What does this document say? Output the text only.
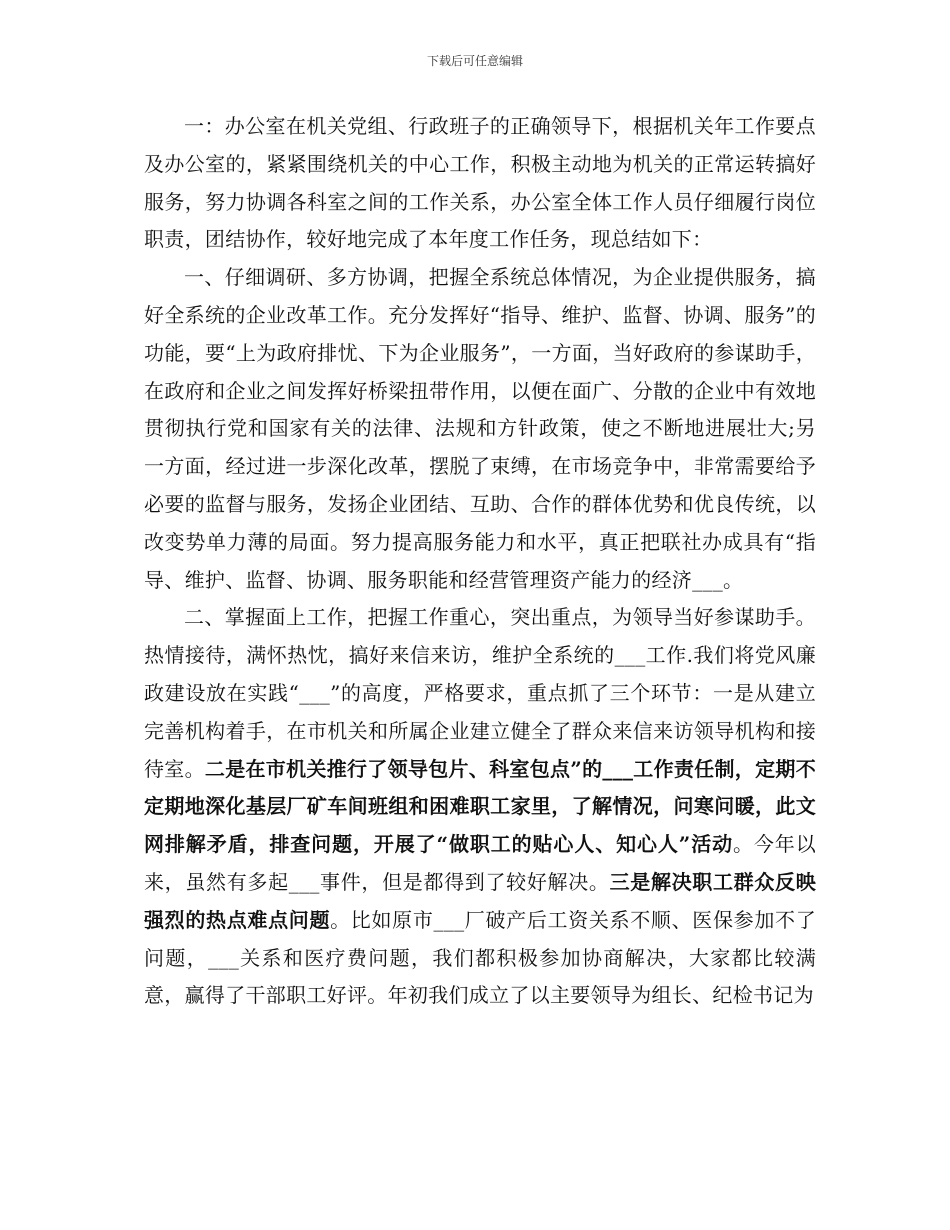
下载后可任意编辑

一：办公室在机关党组、行政班子的正确领导下，根据机关年工作要点及办公室的，紧紧围绕机关的中心工作，积极主动地为机关的正常运转搞好服务，努力协调各科室之间的工作关系，办公室全体工作人员仔细履行岗位职责，团结协作，较好地完成了本年度工作任务，现总结如下：

一、仔细调研、多方协调，把握全系统总体情况，为企业提供服务，搞好全系统的企业改革工作。充分发挥好“指导、维护、监督、协调、服务”的功能，要“上为政府排忧、下为企业服务”，一方面，当好政府的参谋助手，在政府和企业之间发挥好桥梁扭带作用，以便在面广、分散的企业中有效地贯彻执行党和国家有关的法律、法规和方针政策，使之不断地进展壮大;另一方面，经过进一步深化改革，摆脱了束缚，在市场竞争中，非常需要给予必要的监督与服务，发扬企业团结、互助、合作的群体优势和优良传统，以改变势单力薄的局面。努力提高服务能力和水平，真正把联社办成具有“指导、维护、监督、协调、服务职能和经营管理资产能力的经济___。

二、掌握面上工作，把握工作重心，突出重点，为领导当好参谋助手。热情接待，满怀热忱，搞好来信来访，维护全系统的___工作.我们将党风廉政建设放在实践“___”的高度，严格要求，重点抓了三个环节：一是从建立完善机构着手，在市机关和所属企业建立健全了群众来信来访领导机构和接待室。二是在市机关推行了领导包片、科室包点”的___工作责任制，定期不定期地深化基层厂矿车间班组和困难职工家里，了解情况，问寒问暖，此文网排解矛盾，排查问题，开展了“做职工的贴心人、知心人”活动。今年以来，虽然有多起___事件，但是都得到了较好解决。三是解决职工群众反映强烈的热点难点问题。比如原市___厂破产后工资关系不顺、医保参加不了问题，___关系和医疗费问题，我们都积极参加协商解决，大家都比较满意，赢得了干部职工好评。年初我们成立了以主要领导为组长、纪检书记为
